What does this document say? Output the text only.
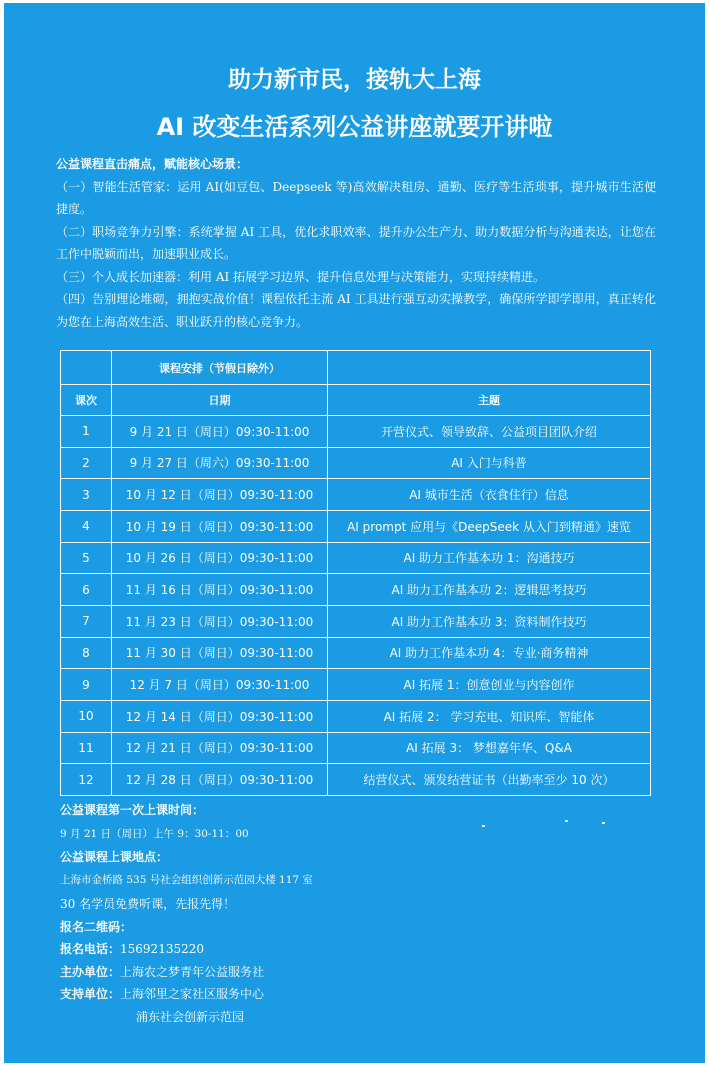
助力新市民，接轨大上海
AI 改变生活系列公益讲座就要开讲啦

公益课程直击痛点，赋能核心场景：

（一）智能生活管家：运用 AI(如豆包、Deepseek 等)高效解决租房、通勤、医疗等生活琐事，提升城市生活便捷度。

（二）职场竞争力引擎：系统掌握 AI 工具，优化求职效率、提升办公生产力、助力数据分析与沟通表达，让您在工作中脱颖而出，加速职业成长。

（三）个人成长加速器：利用 AI 拓展学习边界、提升信息处理与决策能力，实现持续精进。

（四）告别理论堆砌，拥抱实战价值！课程依托主流 AI 工具进行强互动实操教学，确保所学即学即用，真正转化为您在上海高效生活、职业跃升的核心竞争力。

	课程安排（节假日除外）	
课次	日期	主题
1	9 月 21 日（周日）09:30-11:00	开营仪式、领导致辞、公益项目团队介绍
2	9 月 27 日（周六）09:30-11:00	AI 入门与科普
3	10 月 12 日（周日）09:30-11:00	AI 城市生活（衣食住行）信息
4	10 月 19 日（周日）09:30-11:00	AI prompt 应用与《DeepSeek 从入门到精通》速览
5	10 月 26 日（周日）09:30-11:00	AI 助力工作基本功 1：沟通技巧
6	11 月 16 日（周日）09:30-11:00	AI 助力工作基本功 2：逻辑思考技巧
7	11 月 23 日（周日）09:30-11:00	AI 助力工作基本功 3：资料制作技巧
8	11 月 30 日（周日）09:30-11:00	AI 助力工作基本功 4：专业·商务精神
9	12 月 7 日（周日）09:30-11:00	AI 拓展 1：创意创业与内容创作
10	12 月 14 日（周日）09:30-11:00	AI 拓展 2： 学习充电、知识库、智能体
11	12 月 21 日（周日）09:30-11:00	AI 拓展 3： 梦想嘉年华、Q&A
12	12 月 28 日（周日）09:30-11:00	结营仪式、颁发结营证书（出勤率至少 10 次）
公益课程第一次上课时间：
9 月 21 日（周日）上午 9：30-11：00
公益课程上课地点：
上海市金桥路 535 号社会组织创新示范园大楼 117 室
30 名学员免费听课，先报先得！
报名二维码：
报名电话：15692135220
主办单位：上海农之梦青年公益服务社
支持单位：上海邻里之家社区服务中心
浦东社会创新示范园
